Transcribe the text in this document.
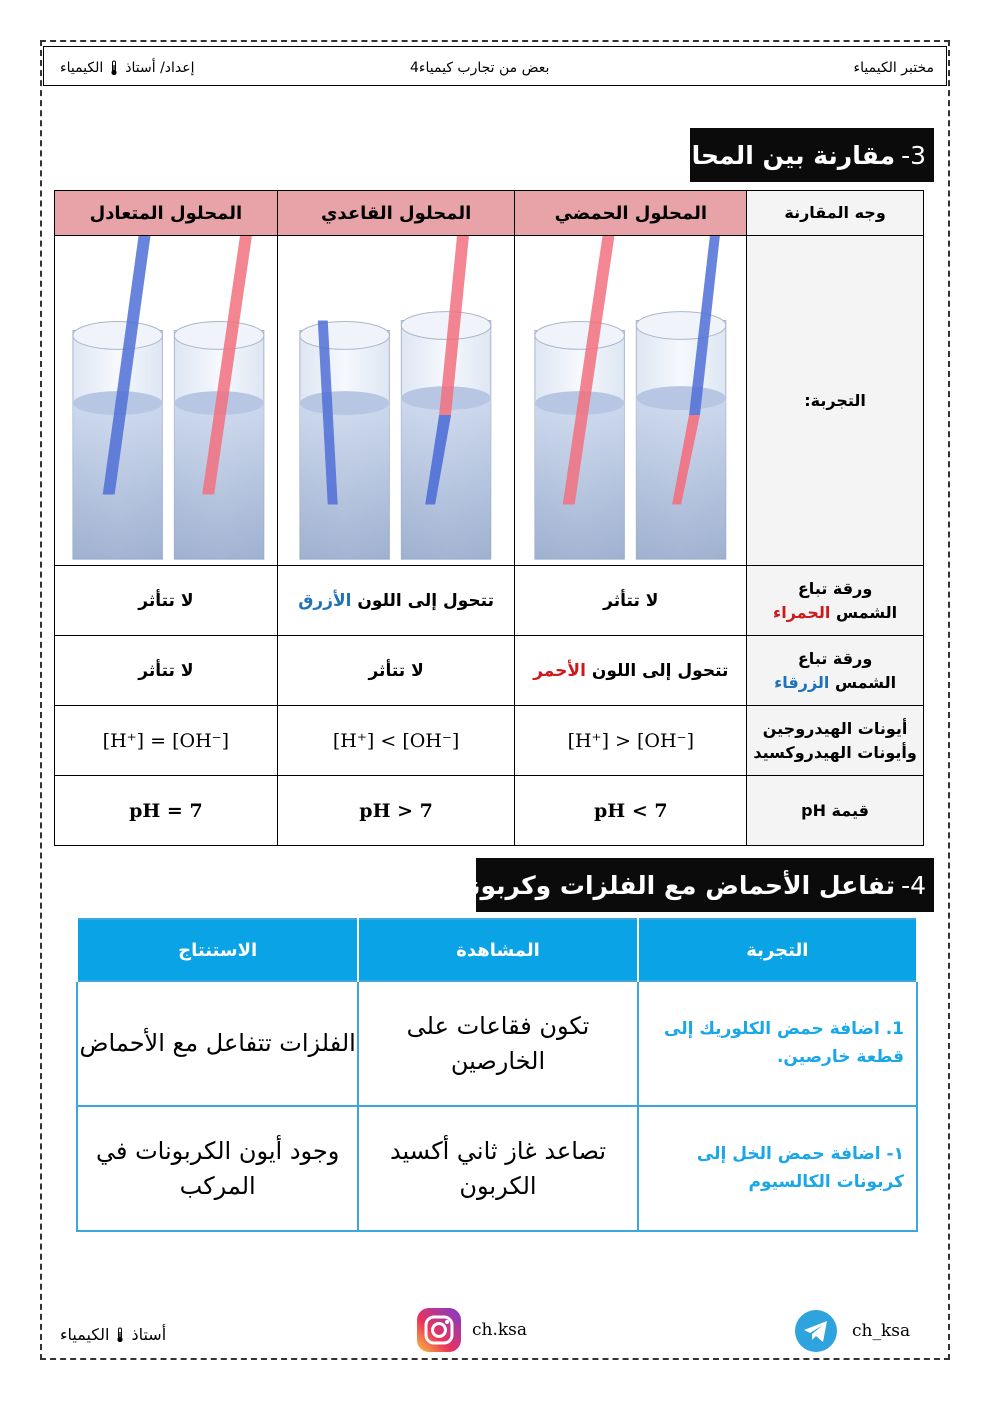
مختبر الكيمياء
بعض من تجارب كيمياء4
إعداد/ أستاذ
الكيمياء
3-
مقارنة بين المحاليل
:
وجه المقارنة	المحلول الحمضي	المحلول القاعدي	المحلول المتعادل
التجربة:	

ورقة تباع
الشمس الحمراء	لا تتأثر	تتحول إلى اللون الأزرق	لا تتأثر

ورقة تباع
الشمس الزرقاء	تتحول إلى اللون الأحمر	لا تتأثر	لا تتأثر

أيونات الهيدروجين
وأيونات الهيدروكسيد	[H⁺] > [OH⁻]	[H⁺] < [OH⁻]	[H⁺] = [OH⁻]
قيمة pH	pH < 7	pH > 7	pH = 7
4-
تفاعل الأحماض مع الفلزات وكربوناتها
:
التجربة	المشاهدة	الاستنتاج
1. اضافة حمض الكلوريك إلى قطعة خارصين.	تكون فقاعات على الخارصين	الفلزات تتفاعل مع الأحماض
١- اضافة حمض الخل إلى كربونات الكالسيوم	تصاعد غاز ثاني أكسيد الكربون	وجود أيون الكربونات في المركب
أستاذ
الكيمياء	ch.ksa	ch_ksa
